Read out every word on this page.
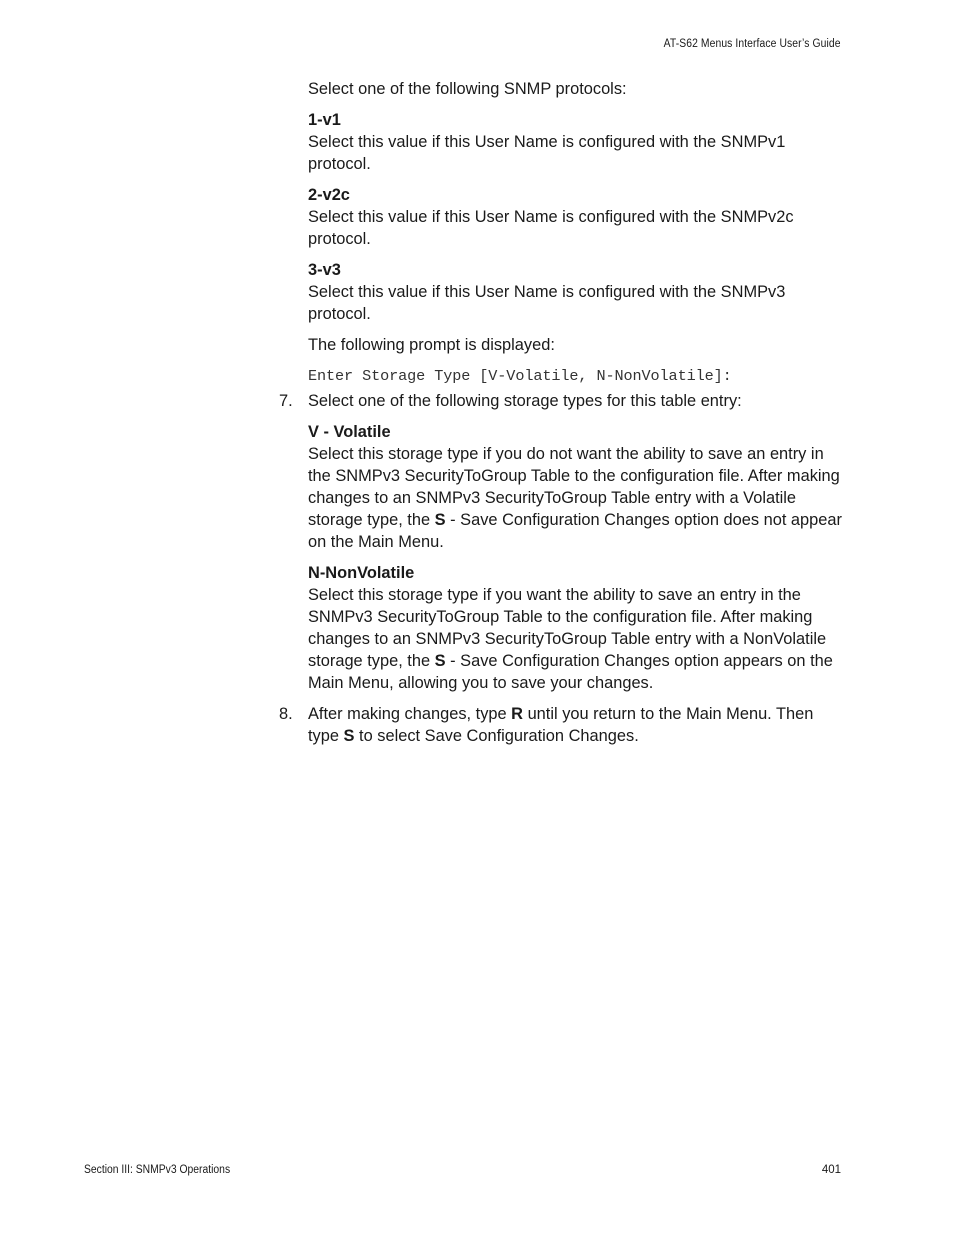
AT-S62 Menus Interface User’s Guide

Select one of the following SNMP protocols:

1-v1

Select this value if this User Name is configured with the SNMPv1 protocol.

2-v2c

Select this value if this User Name is configured with the SNMPv2c protocol.

3-v3

Select this value if this User Name is configured with the SNMPv3 protocol.

The following prompt is displayed:

Enter Storage Type [V-Volatile, N-NonVolatile]:

7. Select one of the following storage types for this table entry:

V - Volatile

Select this storage type if you do not want the ability to save an entry in the SNMPv3 SecurityToGroup Table to the configuration file. After making changes to an SNMPv3 SecurityToGroup Table entry with a Volatile storage type, the S - Save Configuration Changes option does not appear on the Main Menu.

N-NonVolatile

Select this storage type if you want the ability to save an entry in the SNMPv3 SecurityToGroup Table to the configuration file. After making changes to an SNMPv3 SecurityToGroup Table entry with a NonVolatile storage type, the S - Save Configuration Changes option appears on the Main Menu, allowing you to save your changes.

8. After making changes, type R until you return to the Main Menu. Then type S to select Save Configuration Changes.

Section III: SNMPv3 Operations	401
